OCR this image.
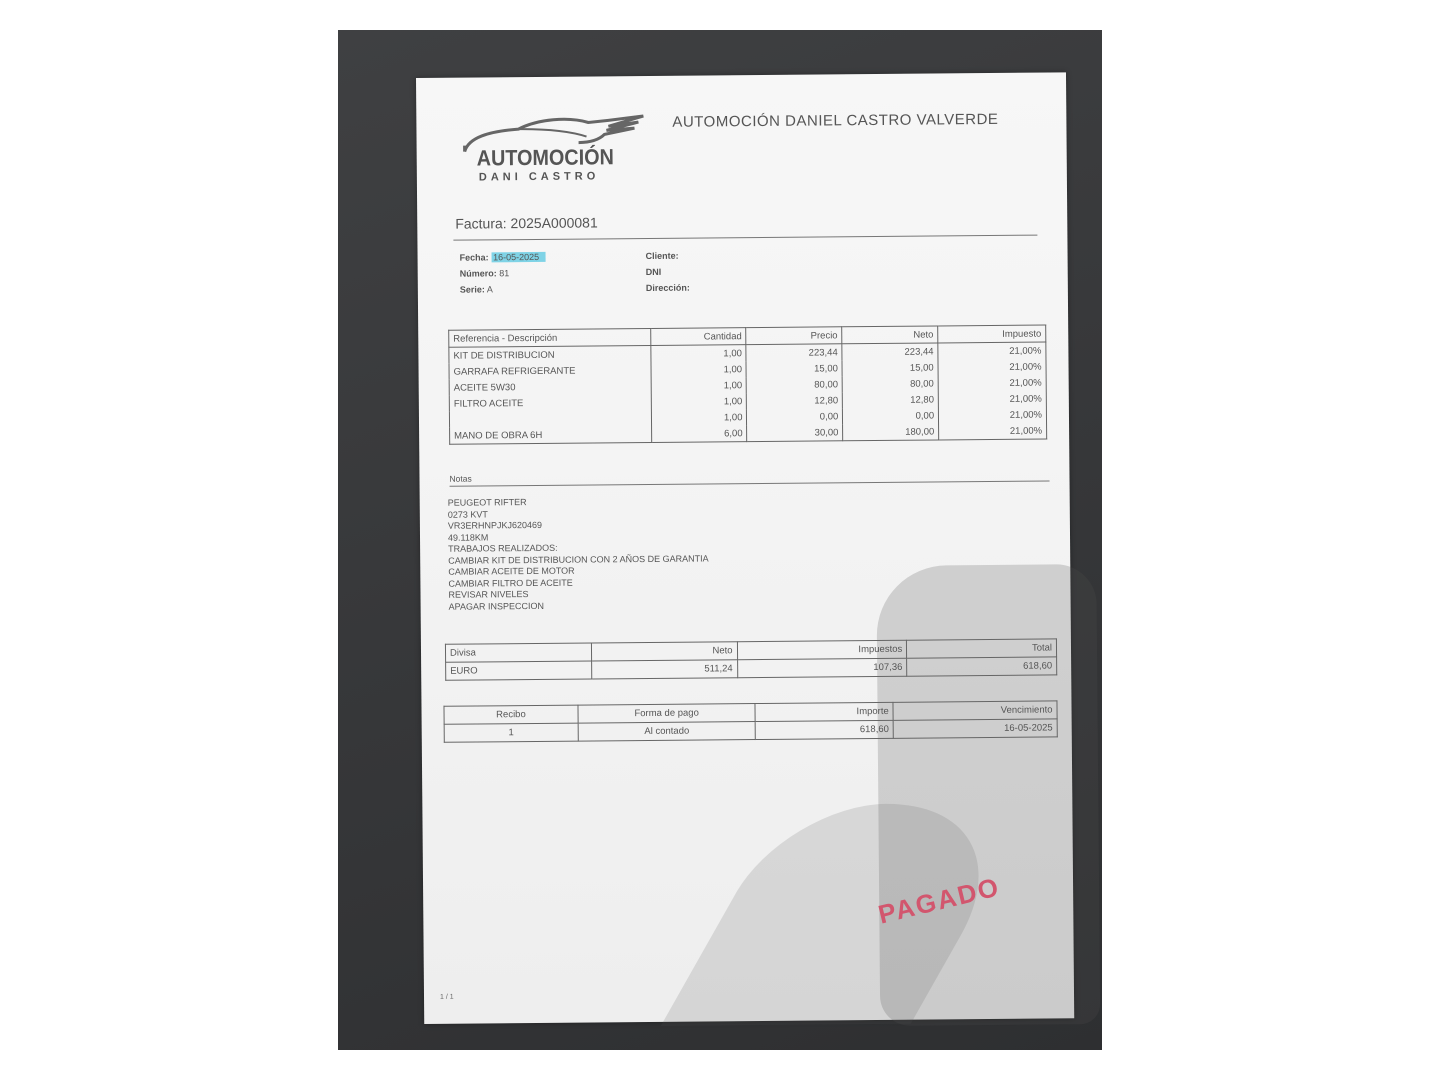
AUTOMOCIÓN
DANI CASTRO
AUTOMOCIÓN DANIEL CASTRO VALVERDE
Factura: 2025A000081
Fecha: 16-05-2025
Número: 81
Serie: A
Cliente:
DNI
Dirección:
Referencia - Descripción	Cantidad	Precio	Neto	Impuesto
KIT DE DISTRIBUCION	1,00	223,44	223,44	21,00%
GARRAFA REFRIGERANTE	1,00	15,00	15,00	21,00%
ACEITE 5W30	1,00	80,00	80,00	21,00%
FILTRO ACEITE	1,00	12,80	12,80	21,00%
	1,00	0,00	0,00	21,00%
MANO DE OBRA 6H	6,00	30,00	180,00	21,00%
Notas
PEUGEOT RIFTER
0273 KVT
VR3ERHNPJKJ620469
49.118KM
TRABAJOS REALIZADOS:
CAMBIAR KIT DE DISTRIBUCION CON 2 AÑOS DE GARANTIA
CAMBIAR ACEITE DE MOTOR
CAMBIAR FILTRO DE ACEITE
REVISAR NIVELES
APAGAR INSPECCION
Divisa	Neto	Impuestos	Total
EURO	511,24	107,36	618,60
Recibo	Forma de pago	Importe	Vencimiento
1	Al contado	618,60	16-05-2025
PAGADO
1 / 1
